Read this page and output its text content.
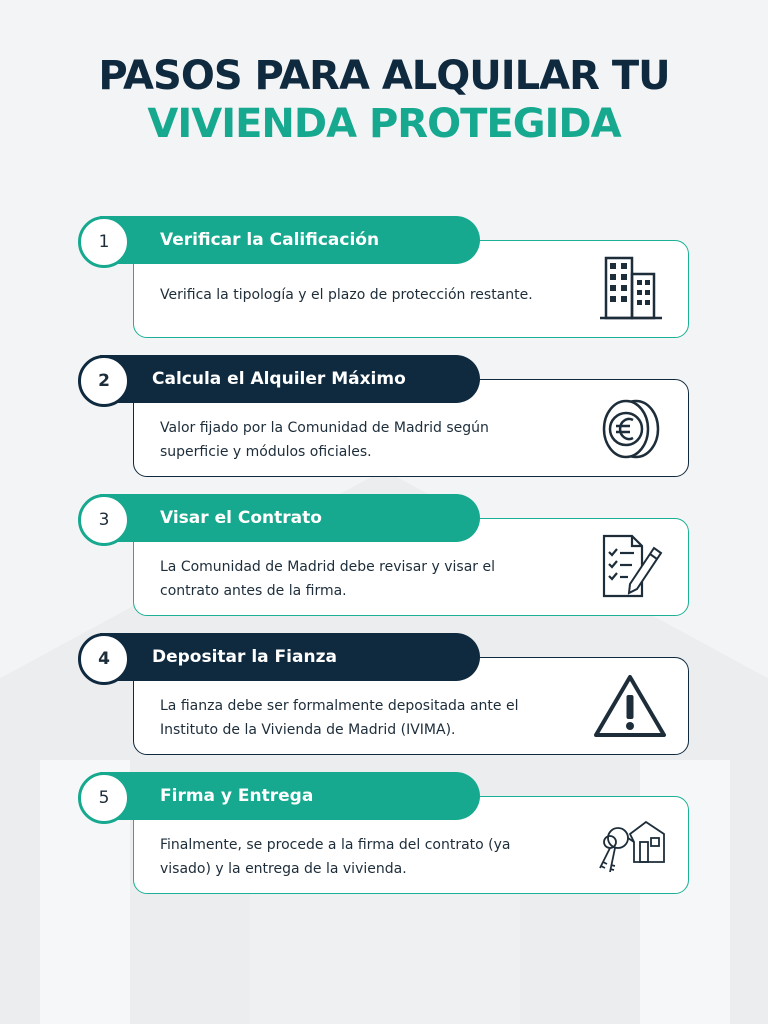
PASOS PARA ALQUILAR TU
VIVIENDA PROTEGIDA
Verifica la tipología y el plazo de protección restante.
Verificar la Calificación
1
Valor fijado por la Comunidad de Madrid según
superficie y módulos oficiales.
Calcula el Alquiler Máximo
2
La Comunidad de Madrid debe revisar y visar el
contrato antes de la firma.
Visar el Contrato
3
La fianza debe ser formalmente depositada ante el
Instituto de la Vivienda de Madrid (IVIMA).
Depositar la Fianza
4
Finalmente, se procede a la firma del contrato (ya
visado) y la entrega de la vivienda.
Firma y Entrega
5
